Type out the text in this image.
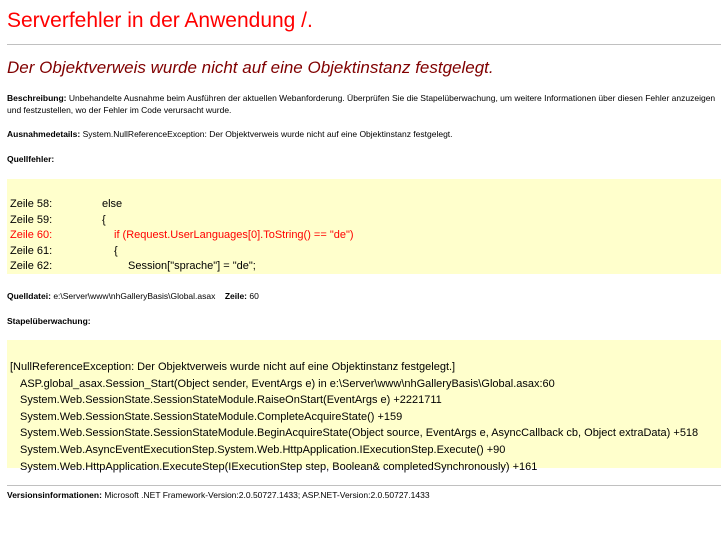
Serverfehler in der Anwendung /.
Der Objektverweis wurde nicht auf eine Objektinstanz festgelegt.
Beschreibung: Unbehandelte Ausnahme beim Ausführen der aktuellen Webanforderung. Überprüfen Sie die Stapelüberwachung, um weitere Informationen über diesen Fehler anzuzeigen und festzustellen, wo der Fehler im Code verursacht wurde.
Ausnahmedetails: System.NullReferenceException: Der Objektverweis wurde nicht auf eine Objektinstanz festgelegt.
Quellfehler:
Zeile 58:	else
Zeile 59:	{
Zeile 60:	if (Request.UserLanguages[0].ToString() == "de")
Zeile 61:	{
Zeile 62:	Session["sprache"] = "de";
Quelldatei: e:\Server\www\nhGalleryBasis\Global.asax Zeile: 60
Stapelüberwachung:
[NullReferenceException: Der Objektverweis wurde nicht auf eine Objektinstanz festgelegt.]
ASP.global_asax.Session_Start(Object sender, EventArgs e) in e:\Server\www\nhGalleryBasis\Global.asax:60
System.Web.SessionState.SessionStateModule.RaiseOnStart(EventArgs e) +2221711
System.Web.SessionState.SessionStateModule.CompleteAcquireState() +159
System.Web.SessionState.SessionStateModule.BeginAcquireState(Object source, EventArgs e, AsyncCallback cb, Object extraData) +518
System.Web.AsyncEventExecutionStep.System.Web.HttpApplication.IExecutionStep.Execute() +90
System.Web.HttpApplication.ExecuteStep(IExecutionStep step, Boolean& completedSynchronously) +161
Versionsinformationen: Microsoft .NET Framework-Version:2.0.50727.1433; ASP.NET-Version:2.0.50727.1433
